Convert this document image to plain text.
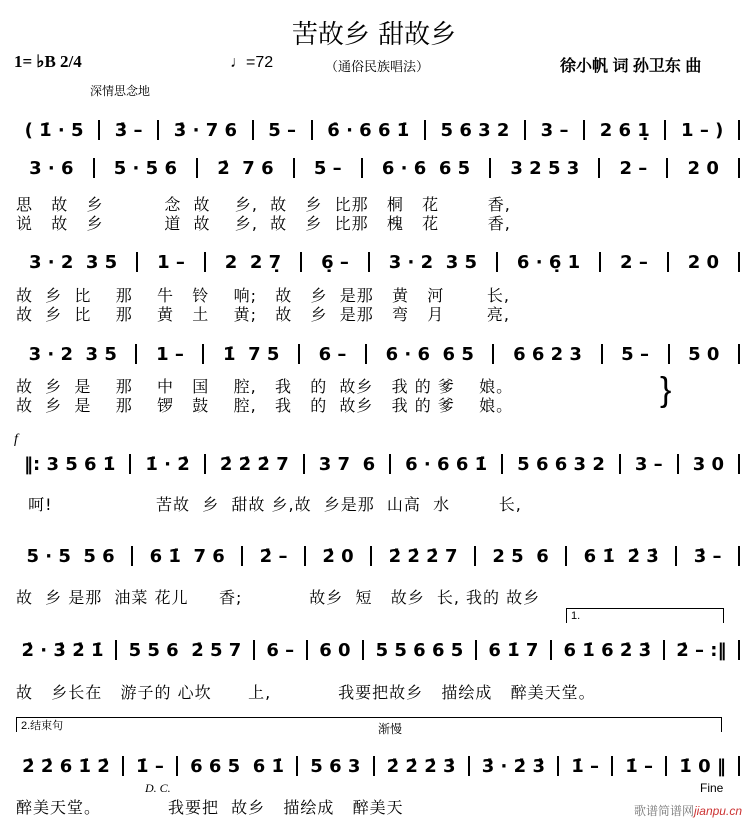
苦故乡 甜故乡
1= ♭B 2/4	♩=72	（通俗民族唱法）	徐小帆 词 孙卫东 曲
深情思念地
( 1̇ · 5	3̇ –	3̇ · 7 6	5 –	6̇ · 6 6 1̇	5 6 3 2	3 –	2 6 1̣	1 – )
3 · 6	5 · 5 6	2̇  7 6	5 –	6 · 6  6 5	3 2 5 3	2 –	2 0
3 · 2  3 5	1 –	2  2 7̣	6̣ –	3 · 2  3 5	6 · 6̣ 1	2 –	2 0
3 · 2  3 5	1 –	1̇  7 5	6 –	6 · 6  6 5	6 6 2 3	5 –	5 0
‖: 3 5 6 1̇	1̇ · 2̇	2̇ 2̇ 2̇ 7	3 7  6	6 · 6 6 1̇	5 6 6 3 2	3 –	3 0
5 · 5  5 6	6 1̇  7 6	2̇ –	2̇ 0	2̇ 2̇ 2̇ 7	2 5  6	6 1̇  2̇ 3̇	3̇ –
2̇ · 3̇ 2̇ 1̇	5 5 6  2̇ 5 7	6 –	6 0	5 5 6 6 5	6 1̇ 7	6 1̇ 6 2̇ 3̇	2̇ – :‖
2̇ 2̇ 6 1̇ 2̇	1̇ –	6 6 5  6 1̇	5 6 3	2̇ 2̇ 2̇ 3̇	3̇ · 2̇ 3̇	1̇ –	1̇ –	1̇ 0 ‖
思   故   乡          念  故    乡,  故   乡  比那   桐   花        香,
说   故   乡          道  故    乡,  故   乡  比那   槐   花        香,
故  乡  比    那    牛   铃    响;   故   乡  是那   黄   河       长,
故  乡  比    那    黄   土    黄;   故   乡  是那   弯   月       亮,
故  乡  是    那    中   国    腔,   我   的  故乡   我 的 爹    娘。
故  乡  是    那    锣   鼓    腔,   我   的  故乡   我 的 爹    娘。	}
f
呵!                 苦故  乡  甜故 乡,故  乡是那  山高  水        长,
故  乡 是那  油菜 花儿     香;           故乡  短   故乡  长, 我的 故乡
1.
故   乡长在   游子的 心坎      上,           我要把故乡   描绘成   醉美天堂。
2.结束句	渐慢
D. C.	Fine
醉美天堂。           我要把  故乡   描绘成   醉美天	歌谱简谱网jianpu.cn
